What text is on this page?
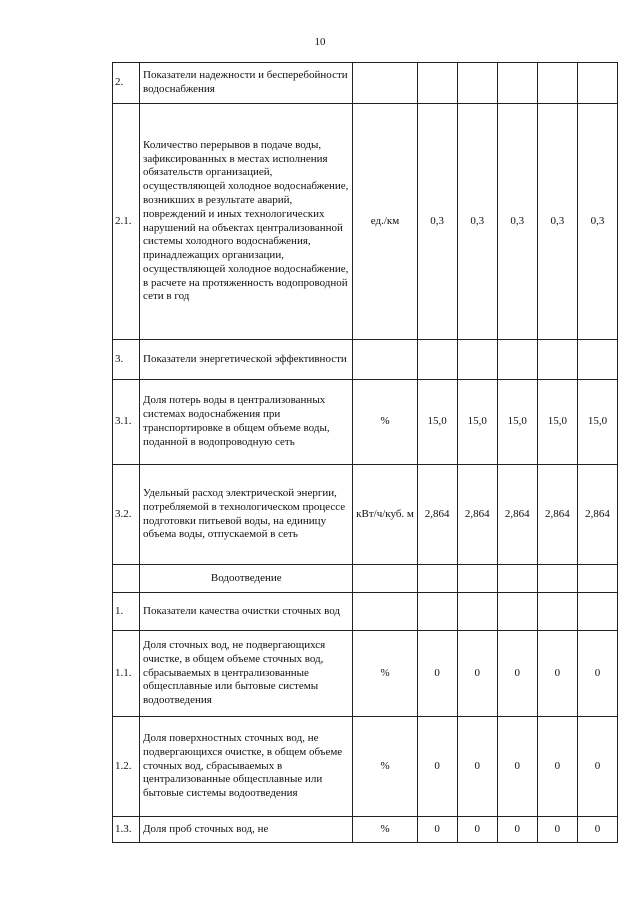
10
2.	Показатели надежности и бесперебойности водоснабжения						
2.1.	Количество перерывов в подаче воды, зафиксированных в местах исполнения обязательств организацией, осуществляющей холодное водоснабжение, возникших в результате аварий, повреждений и иных технологических нарушений на объектах централизованной системы холодного водоснабжения, принадлежащих организации, осуществляющей холодное водоснабжение, в расчете на протяженность водопроводной сети в год	ед./км	0,3	0,3	0,3	0,3	0,3
3.	Показатели энергетической эффективности						
3.1.	Доля потерь воды в централизованных системах водоснабжения при транспортировке в общем объеме воды, поданной в водопроводную сеть	%	15,0	15,0	15,0	15,0	15,0
3.2.	Удельный расход электрической энергии, потребляемой в технологическом процессе подготовки питьевой воды, на единицу объема воды, отпускаемой в сеть	кВт/ч/куб. м	2,864	2,864	2,864	2,864	2,864
	Водоотведение						
1.	Показатели качества очистки сточных вод						
1.1.	Доля сточных вод, не подвергающихся очистке, в общем объеме сточных вод, сбрасываемых в централизованные общесплавные или бытовые системы водоотведения	%	0	0	0	0	0
1.2.	Доля поверхностных сточных вод, не подвергающихся очистке, в общем объеме сточных вод, сбрасываемых в централизованные общесплавные или бытовые системы водоотведения	%	0	0	0	0	0
1.3.	Доля проб сточных вод, не	%	0	0	0	0	0
